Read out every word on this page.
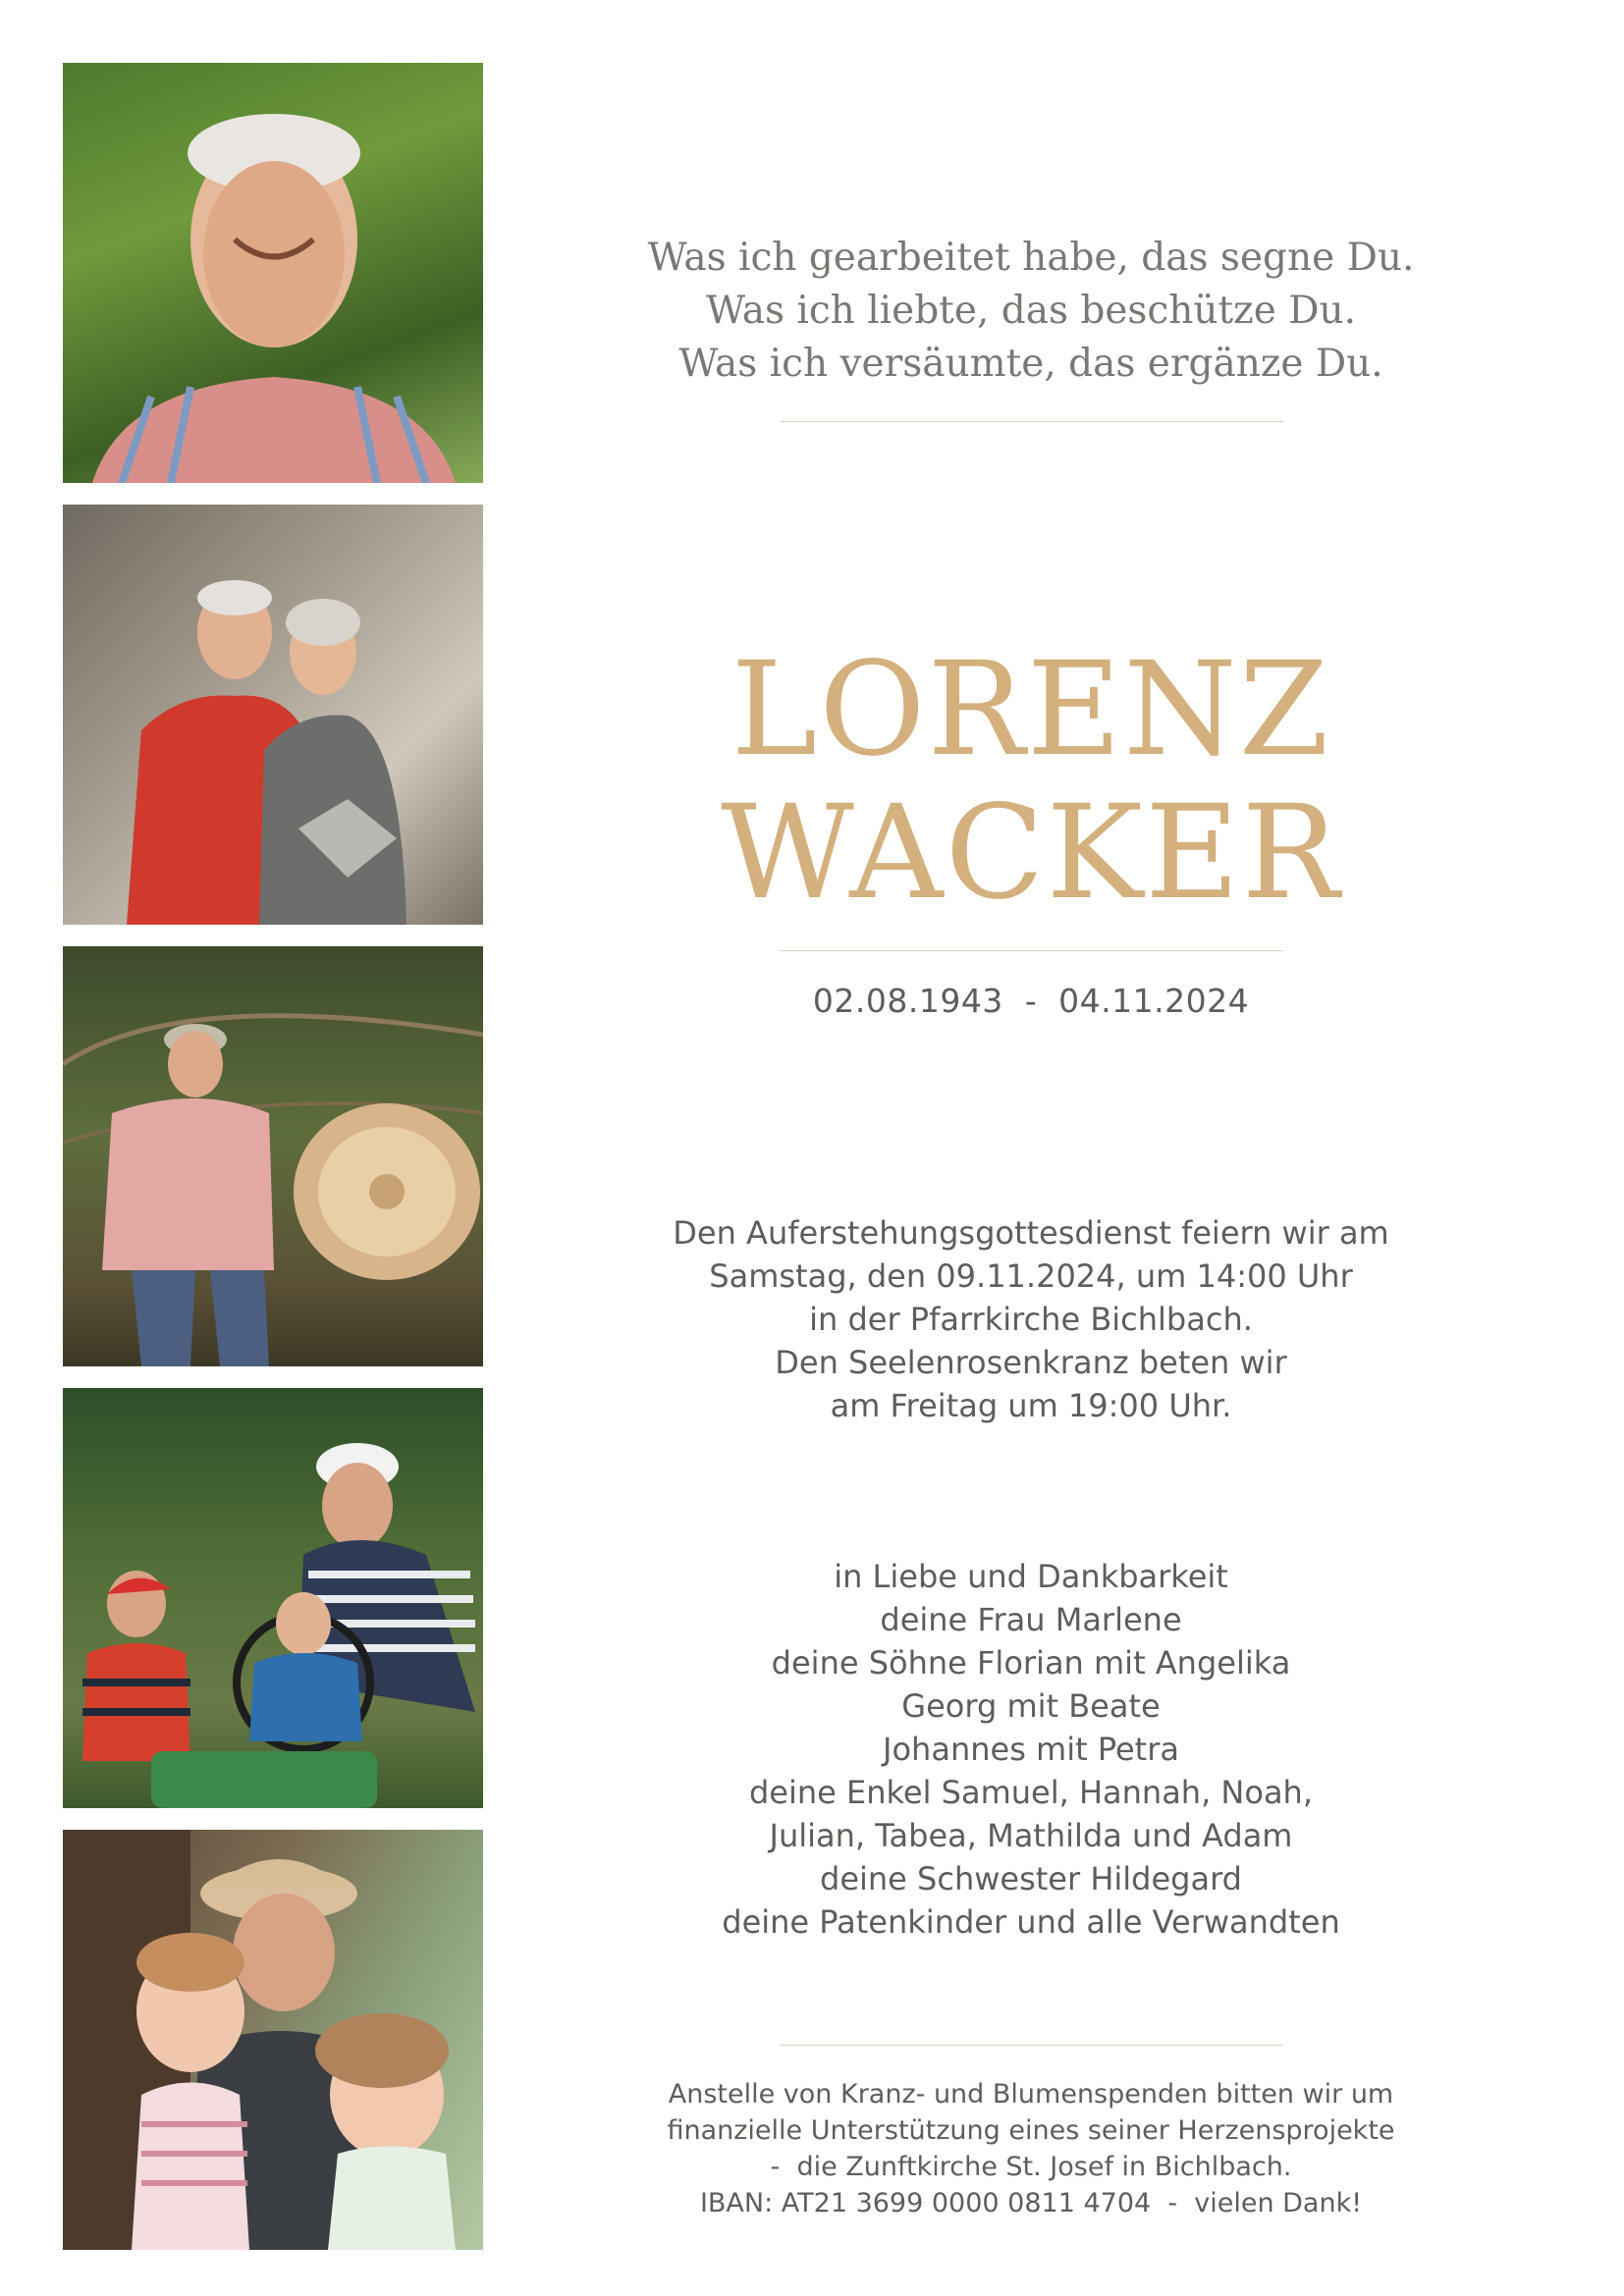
Was ich gearbeitet habe, das segne Du.
Was ich liebte, das beschütze Du.
Was ich versäumte, das ergänze Du.
LORENZ
WACKER
02.08.1943  -  04.11.2024
Den Auferstehungsgottesdienst feiern wir am
Samstag, den 09.11.2024, um 14:00 Uhr
in der Pfarrkirche Bichlbach.
Den Seelenrosenkranz beten wir
am Freitag um 19:00 Uhr.
in Liebe und Dankbarkeit
deine Frau Marlene
deine Söhne Florian mit Angelika
Georg mit Beate
Johannes mit Petra
deine Enkel Samuel, Hannah, Noah,
Julian, Tabea, Mathilda und Adam
deine Schwester Hildegard
deine Patenkinder und alle Verwandten
Anstelle von Kranz- und Blumenspenden bitten wir um
finanzielle Unterstützung eines seiner Herzensprojekte
-  die Zunftkirche St. Josef in Bichlbach.
IBAN: AT21 3699 0000 0811 4704  -  vielen Dank!
